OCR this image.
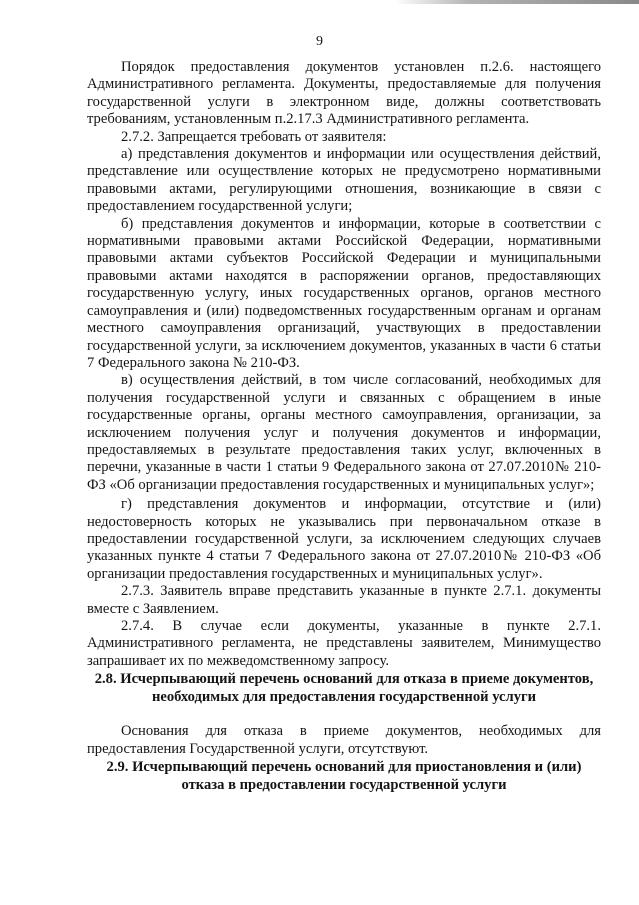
9

Порядок предоставления документов установлен п.2.6. настоящего Административного регламента. Документы, предоставляемые для получения государственной услуги в электронном виде, должны соответствовать требованиям, установленным п.2.17.3 Административного регламента.

2.7.2. Запрещается требовать от заявителя:

а) представления документов и информации или осуществления действий, представление или осуществление которых не предусмотрено нормативными правовыми актами, регулирующими отношения, возникающие в связи с предоставлением государственной услуги;

б) представления документов и информации, которые в соответствии с нормативными правовыми актами Российской Федерации, нормативными правовыми актами субъектов Российской Федерации и муниципальными правовыми актами находятся в распоряжении органов, предоставляющих государственную услугу, иных государственных органов, органов местного самоуправления и (или) подведомственных государственным органам и органам местного самоуправления организаций, участвующих в предоставлении государственной услуги, за исключением документов, указанных в части 6 статьи 7 Федерального закона № 210-ФЗ.

в) осуществления действий, в том числе согласований, необходимых для получения государственной услуги и связанных с обращением в иные государственные органы, органы местного самоуправления, организации, за исключением получения услуг и получения документов и информации, предоставляемых в результате предоставления таких услуг, включенных в перечни, указанные в части 1 статьи 9 Федерального закона от 27.07.2010№ 210-ФЗ «Об организации предоставления государственных и муниципальных услуг»;

г) представления документов и информации, отсутствие и (или) недостоверность которых не указывались при первоначальном отказе в предоставлении государственной услуги, за исключением следующих случаев указанных пункте 4 статьи 7 Федерального закона от 27.07.2010№ 210-ФЗ «Об организации предоставления государственных и муниципальных услуг».

2.7.3. Заявитель вправе представить указанные в пункте 2.7.1. документы вместе с Заявлением.

2.7.4. В случае если документы, указанные в пункте 2.7.1. Административного регламента, не представлены заявителем, Минимущество запрашивает их по межведомственному запросу.

2.8. Исчерпывающий перечень оснований для отказа в приеме документов, необходимых для предоставления государственной услуги

Основания для отказа в приеме документов, необходимых для предоставления Государственной услуги, отсутствуют.

2.9. Исчерпывающий перечень оснований для приостановления и (или) отказа в предоставлении государственной услуги
